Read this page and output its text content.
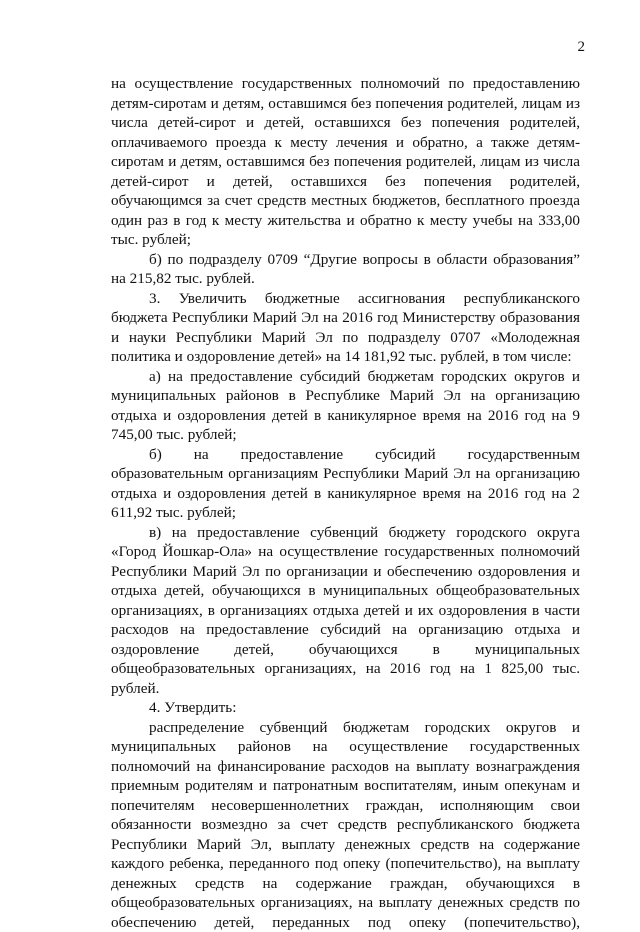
2

на осуществление государственных полномочий по предоставлению детям-сиротам и детям, оставшимся без попечения родителей, лицам из числа детей-сирот и детей, оставшихся без попечения родителей, оплачиваемого проезда к месту лечения и обратно, а также детям-сиротам и детям, оставшимся без попечения родителей, лицам из числа детей-сирот и детей, оставшихся без попечения родителей, обучающимся за счет средств местных бюджетов, бесплатного проезда один раз в год к месту жительства и обратно к месту учебы на 333,00 тыс. рублей;

б) по подразделу 0709 “Другие вопросы в области образования” на 215,82 тыс. рублей.

3. Увеличить бюджетные ассигнования республиканского бюджета Республики Марий Эл на 2016 год Министерству образования и науки Республики Марий Эл по подразделу 0707 «Молодежная политика и оздоровление детей» на 14 181,92 тыс. рублей, в том числе:

а) на предоставление субсидий бюджетам городских округов и муниципальных районов в Республике Марий Эл на организацию отдыха и оздоровления детей в каникулярное время на 2016 год на 9 745,00 тыс. рублей;

б) на предоставление субсидий государственным образовательным организациям Республики Марий Эл на организацию отдыха и оздоровления детей в каникулярное время на 2016 год на 2 611,92 тыс. рублей;

в) на предоставление субвенций бюджету городского округа «Город Йошкар-Ола» на осуществление государственных полномочий Республики Марий Эл по организации и обеспечению оздоровления и отдыха детей, обучающихся в муниципальных общеобразовательных организациях, в организациях отдыха детей и их оздоровления в части расходов на предоставление субсидий на организацию отдыха и оздоровление детей, обучающихся в муниципальных общеобразовательных организациях, на 2016 год на 1 825,00 тыс. рублей.

4. Утвердить:

распределение субвенций бюджетам городских округов и муниципальных районов на осуществление государственных полномочий на финансирование расходов на выплату вознаграждения приемным родителям и патронатным воспитателям, иным опекунам и попечителям несовершеннолетних граждан, исполняющим свои обязанности возмездно за счет средств республиканского бюджета Республики Марий Эл, выплату денежных средств на содержание каждого ребенка, переданного под опеку (попечительство), на выплату денежных средств на содержание граждан, обучающихся в общеобразовательных организациях, на выплату денежных средств по обеспечению детей, переданных под опеку (попечительство),
